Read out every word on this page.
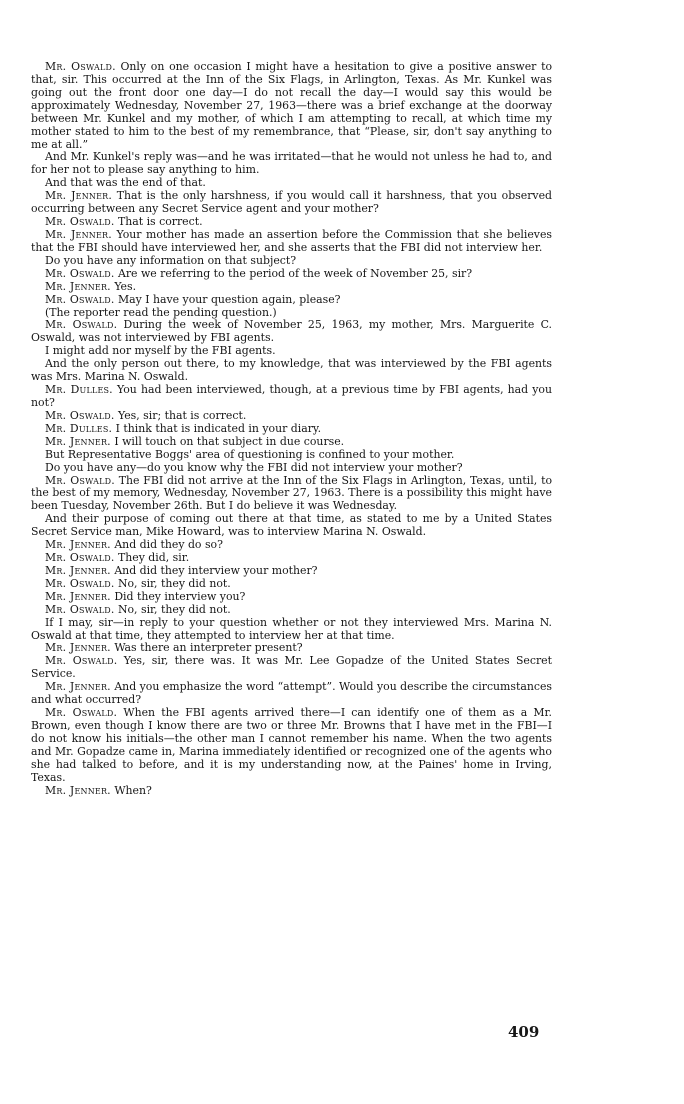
Mr. Oswald. Only on one occasion I might have a hesitation to give a positive answer to that, sir. This occurred at the Inn of the Six Flags, in Arlington, Texas. As Mr. Kunkel was going out the front door one day—I do not recall the day—I would say this would be approximately Wednesday, November 27, 1963—there was a brief exchange at the doorway between Mr. Kunkel and my mother, of which I am attempting to recall, at which time my mother stated to him to the best of my remembrance, that “Please, sir, don't say anything to me at all.”

And Mr. Kunkel's reply was—and he was irritated—that he would not unless he had to, and for her not to please say anything to him.

And that was the end of that.

Mr. Jenner. That is the only harshness, if you would call it harshness, that you observed occurring between any Secret Service agent and your mother?

Mr. Oswald. That is correct.

Mr. Jenner. Your mother has made an assertion before the Commission that she believes that the FBI should have interviewed her, and she asserts that the FBI did not interview her.

Do you have any information on that subject?

Mr. Oswald. Are we referring to the period of the week of November 25, sir?

Mr. Jenner. Yes.

Mr. Oswald. May I have your question again, please?

(The reporter read the pending question.)

Mr. Oswald. During the week of November 25, 1963, my mother, Mrs. Marguerite C. Oswald, was not interviewed by FBI agents.

I might add nor myself by the FBI agents.

And the only person out there, to my knowledge, that was interviewed by the FBI agents was Mrs. Marina N. Oswald.

Mr. Dulles. You had been interviewed, though, at a previous time by FBI agents, had you not?

Mr. Oswald. Yes, sir; that is correct.

Mr. Dulles. I think that is indicated in your diary.

Mr. Jenner. I will touch on that subject in due course.

But Representative Boggs' area of questioning is confined to your mother.

Do you have any—do you know why the FBI did not interview your mother?

Mr. Oswald. The FBI did not arrive at the Inn of the Six Flags in Arlington, Texas, until, to the best of my memory, Wednesday, November 27, 1963. There is a possibility this might have been Tuesday, November 26th. But I do believe it was Wednesday.

And their purpose of coming out there at that time, as stated to me by a United States Secret Service man, Mike Howard, was to interview Marina N. Oswald.

Mr. Jenner. And did they do so?

Mr. Oswald. They did, sir.

Mr. Jenner. And did they interview your mother?

Mr. Oswald. No, sir, they did not.

Mr. Jenner. Did they interview you?

Mr. Oswald. No, sir, they did not.

If I may, sir—in reply to your question whether or not they interviewed Mrs. Marina N. Oswald at that time, they attempted to interview her at that time.

Mr. Jenner. Was there an interpreter present?

Mr. Oswald. Yes, sir, there was. It was Mr. Lee Gopadze of the United States Secret Service.

Mr. Jenner. And you emphasize the word “attempt”. Would you describe the circumstances and what occurred?

Mr. Oswald. When the FBI agents arrived there—I can identify one of them as a Mr. Brown, even though I know there are two or three Mr. Browns that I have met in the FBI—I do not know his initials—the other man I cannot remember his name. When the two agents and Mr. Gopadze came in, Marina immediately identified or recognized one of the agents who she had talked to before, and it is my understanding now, at the Paines' home in Irving, Texas.

Mr. Jenner. When?

409
